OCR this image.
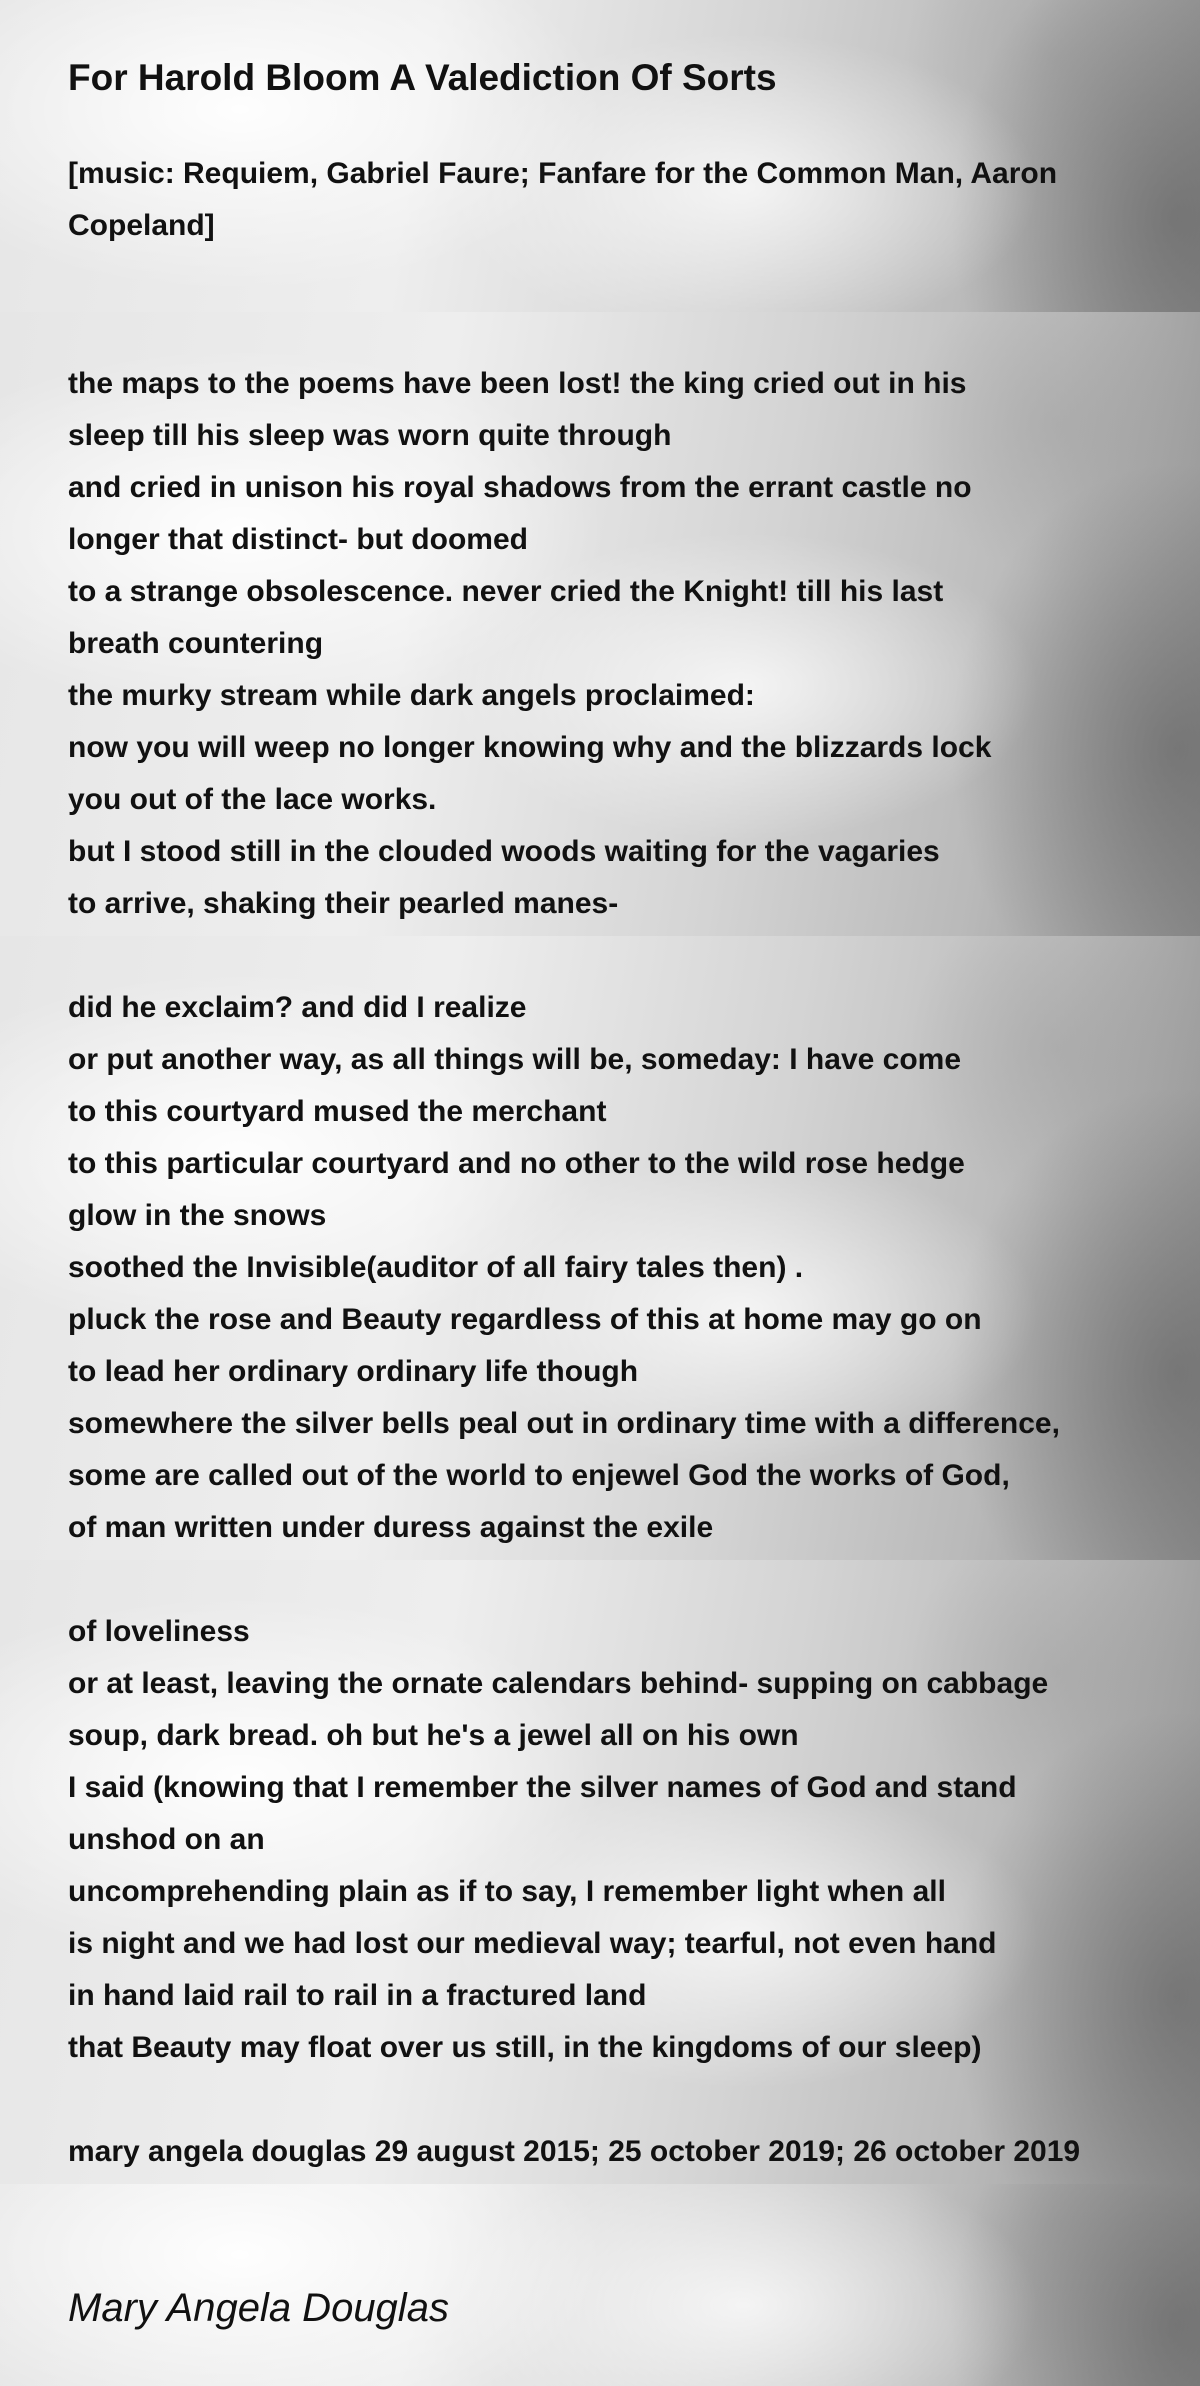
For Harold Bloom A Valediction Of Sorts

[music: Requiem, Gabriel Faure; Fanfare for the Common Man, Aaron Copeland]

the maps to the poems have been lost! the king cried out in his
sleep till his sleep was worn quite through
and cried in unison his royal shadows from the errant castle no
longer that distinct- but doomed
to a strange obsolescence. never cried the Knight! till his last
breath countering
the murky stream while dark angels proclaimed:
now you will weep no longer knowing why and the blizzards lock
you out of the lace works.
but I stood still in the clouded woods waiting for the vagaries
to arrive, shaking their pearled manes-
did he exclaim? and did I realize
or put another way, as all things will be, someday: I have come
to this courtyard mused the merchant
to this particular courtyard and no other to the wild rose hedge
glow in the snows
soothed the Invisible(auditor of all fairy tales then) .
pluck the rose and Beauty regardless of this at home may go on
to lead her ordinary ordinary life though
somewhere the silver bells peal out in ordinary time with a difference,
some are called out of the world to enjewel God the works of God,
of man written under duress against the exile
of loveliness
or at least, leaving the ornate calendars behind- supping on cabbage
soup, dark bread. oh but he's a jewel all on his own
I said (knowing that I remember the silver names of God and stand
unshod on an
uncomprehending plain as if to say, I remember light when all
is night and we had lost our medieval way; tearful, not even hand
in hand laid rail to rail in a fractured land
that Beauty may float over us still, in the kingdoms of our sleep)
mary angela douglas 29 august 2015; 25 october 2019; 26 october 2019

Mary Angela Douglas
